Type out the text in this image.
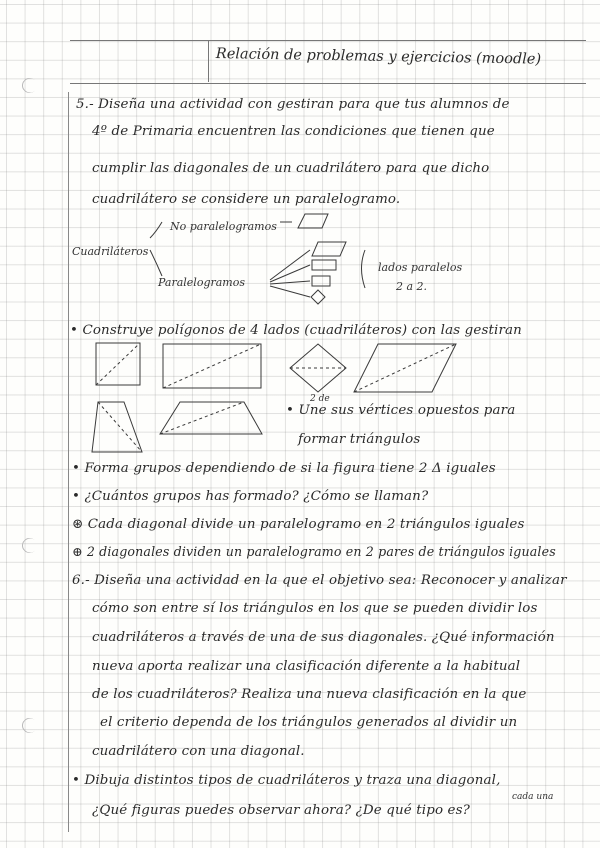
Relación de problemas y ejercicios (moodle)
5.- Diseña una actividad con gestiran para que tus alumnos de
4º de Primaria encuentren las condiciones que tienen que
cumplir las diagonales de un cuadrilátero para que dicho
cuadrilátero se considere un paralelogramo.
Cuadriláteros
No paralelogramos
Paralelogramos
lados paralelos
2 a 2.
• Construye polígonos de 4 lados (cuadriláteros) con las gestiran
2 de
• Une sus vértices opuestos para
formar triángulos
• Forma grupos dependiendo de si la figura tiene 2 Δ iguales
• ¿Cuántos grupos has formado? ¿Cómo se llaman?
⊛ Cada diagonal divide un paralelogramo en 2 triángulos iguales
⊕ 2 diagonales dividen un paralelogramo en 2 pares de triángulos iguales
6.- Diseña una actividad en la que el objetivo sea: Reconocer y analizar
cómo son entre sí los triángulos en los que se pueden dividir los
cuadriláteros a través de una de sus diagonales. ¿Qué información
nueva aporta realizar una clasificación diferente a la habitual
de los cuadriláteros? Realiza una nueva clasificación en la que
el criterio dependa de los triángulos generados al dividir un
cuadrilátero con una diagonal.
• Dibuja distintos tipos de cuadriláteros y traza una diagonal,
cada una
¿Qué figuras puedes observar ahora? ¿De qué tipo es?
